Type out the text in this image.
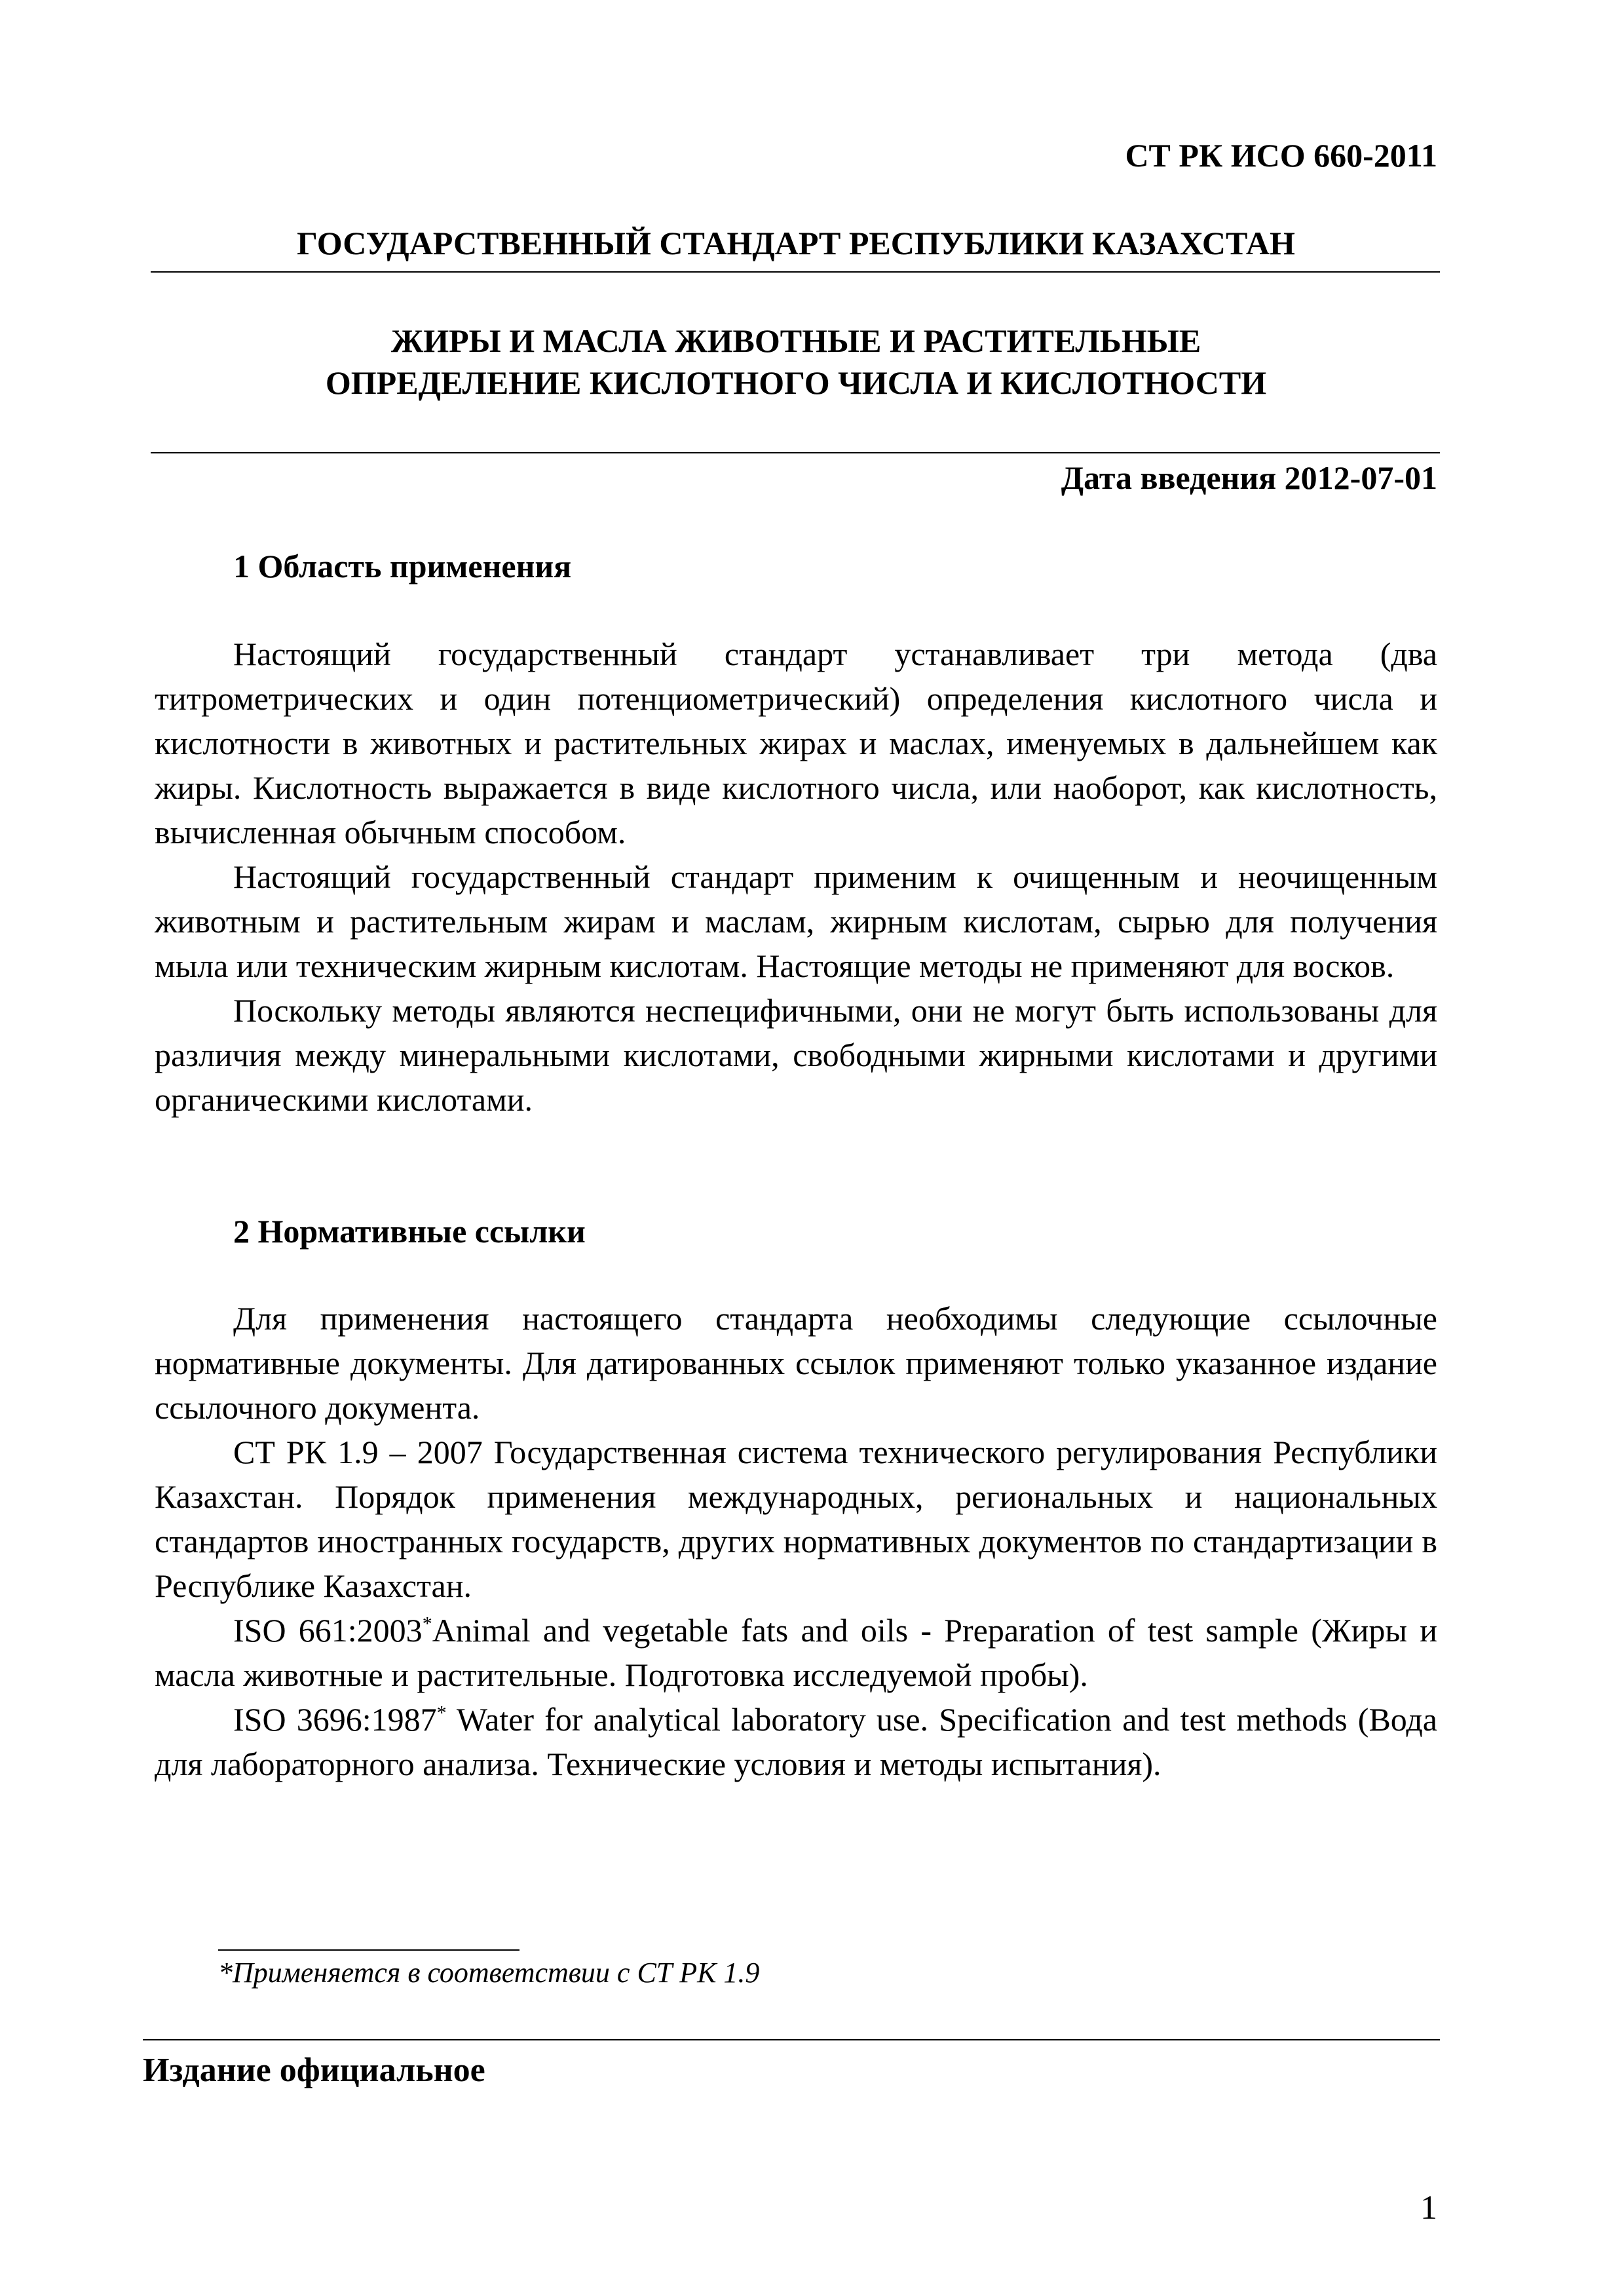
СТ РК ИСО 660-2011
ГОСУДАРСТВЕННЫЙ СТАНДАРТ РЕСПУБЛИКИ КАЗАХСТАН
ЖИРЫ И МАСЛА ЖИВОТНЫЕ И РАСТИТЕЛЬНЫЕ
ОПРЕДЕЛЕНИЕ КИСЛОТНОГО ЧИСЛА И КИСЛОТНОСТИ
Дата введения 2012-07-01
1 Область применения

Настоящий государственный стандарт устанавливает три метода (два титрометрических и один потенциометрический) определения кислотного числа и кислотности в животных и растительных жирах и маслах, именуемых в дальнейшем как жиры. Кислотность выражается в виде кислотного числа, или наоборот, как кислотность, вычисленная обычным способом.

Настоящий государственный стандарт применим к очищенным и неочищенным животным и растительным жирам и маслам, жирным кислотам, сырью для получения мыла или техническим жирным кислотам. Настоящие методы не применяют для восков.

Поскольку методы являются неспецифичными, они не могут быть использованы для различия между минеральными кислотами, свободными жирными кислотами и другими органическими кислотами.

2 Нормативные ссылки

Для применения настоящего стандарта необходимы следующие ссылочные нормативные документы. Для датированных ссылок применяют только указанное издание ссылочного документа.

СТ РК 1.9 – 2007 Государственная система технического регулирования Республики Казахстан. Порядок применения международных, региональных и национальных стандартов иностранных государств, других нормативных документов по стандартизации в Республике Казахстан.

ISO 661:2003*Animal and vegetable fats and oils - Preparation of test sample (Жиры и масла животные и растительные. Подготовка исследуемой пробы).

ISO 3696:1987* Water for analytical laboratory use. Specification and test methods (Вода для лабораторного анализа. Технические условия и методы испытания).

*Применяется в соответствии с СТ РК 1.9
Издание официальное
1
